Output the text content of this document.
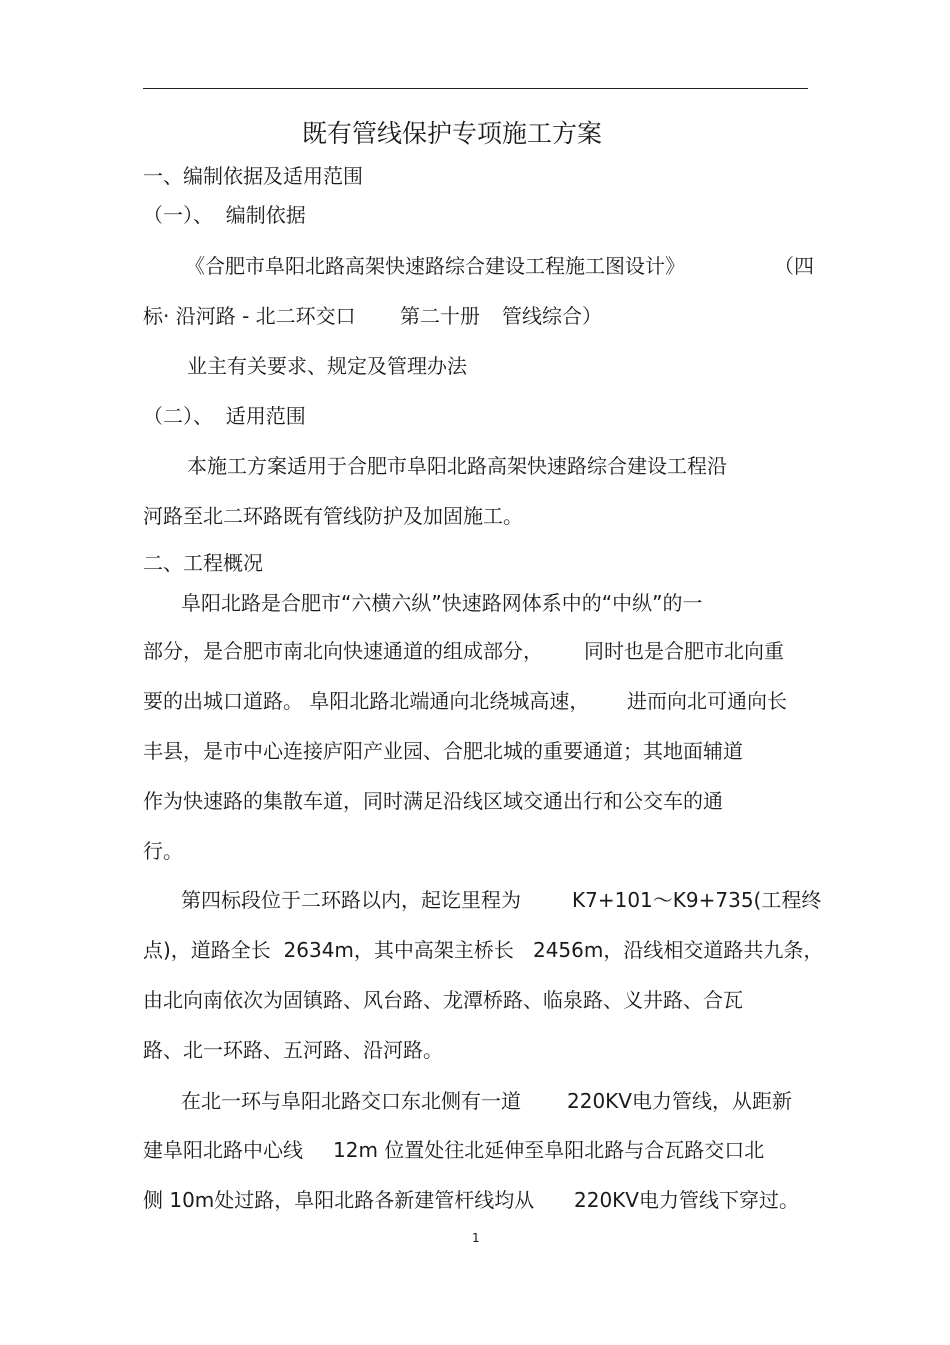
既有管线保护专项施工方案
一、编制依据及适用范围
（一）、  编制依据
《合肥市阜阳北路高架快速路综合建设工程施工图设计》	（四
标· 沿河路 - 北二环交口 第二十册 管线综合）
业主有关要求、规定及管理办法
（二）、  适用范围
本施工方案适用于合肥市阜阳北路高架快速路综合建设工程沿
河路至北二环路既有管线防护及加固施工。
二、工程概况
阜阳北路是合肥市“六横六纵”快速路网体系中的“中纵”的一
部分，是合肥市南北向快速通道的组成部分， 同时也是合肥市北向重
要的出城口道路。 阜阳北路北端通向北绕城高速， 进而向北可通向长
丰县，是市中心连接庐阳产业园、合肥北城的重要通道；其地面辅道
作为快速路的集散车道，同时满足沿线区域交通出行和公交车的通
行。
第四标段位于二环路以内，起讫里程为	K7+101～K9+735(工程终
点)，道路全长  2634m，其中高架主桥长   2456m，沿线相交道路共九条，
由北向南依次为固镇路、风台路、龙潭桥路、临泉路、义井路、合瓦
路、北一环路、五河路、沿河路。
在北一环与阜阳北路交口东北侧有一道 220KV电力管线，从距新
建阜阳北路中心线 12m 位置处往北延伸至阜阳北路与合瓦路交口北
侧 10m处过路，阜阳北路各新建管杆线均从 220KV电力管线下穿过。
1
